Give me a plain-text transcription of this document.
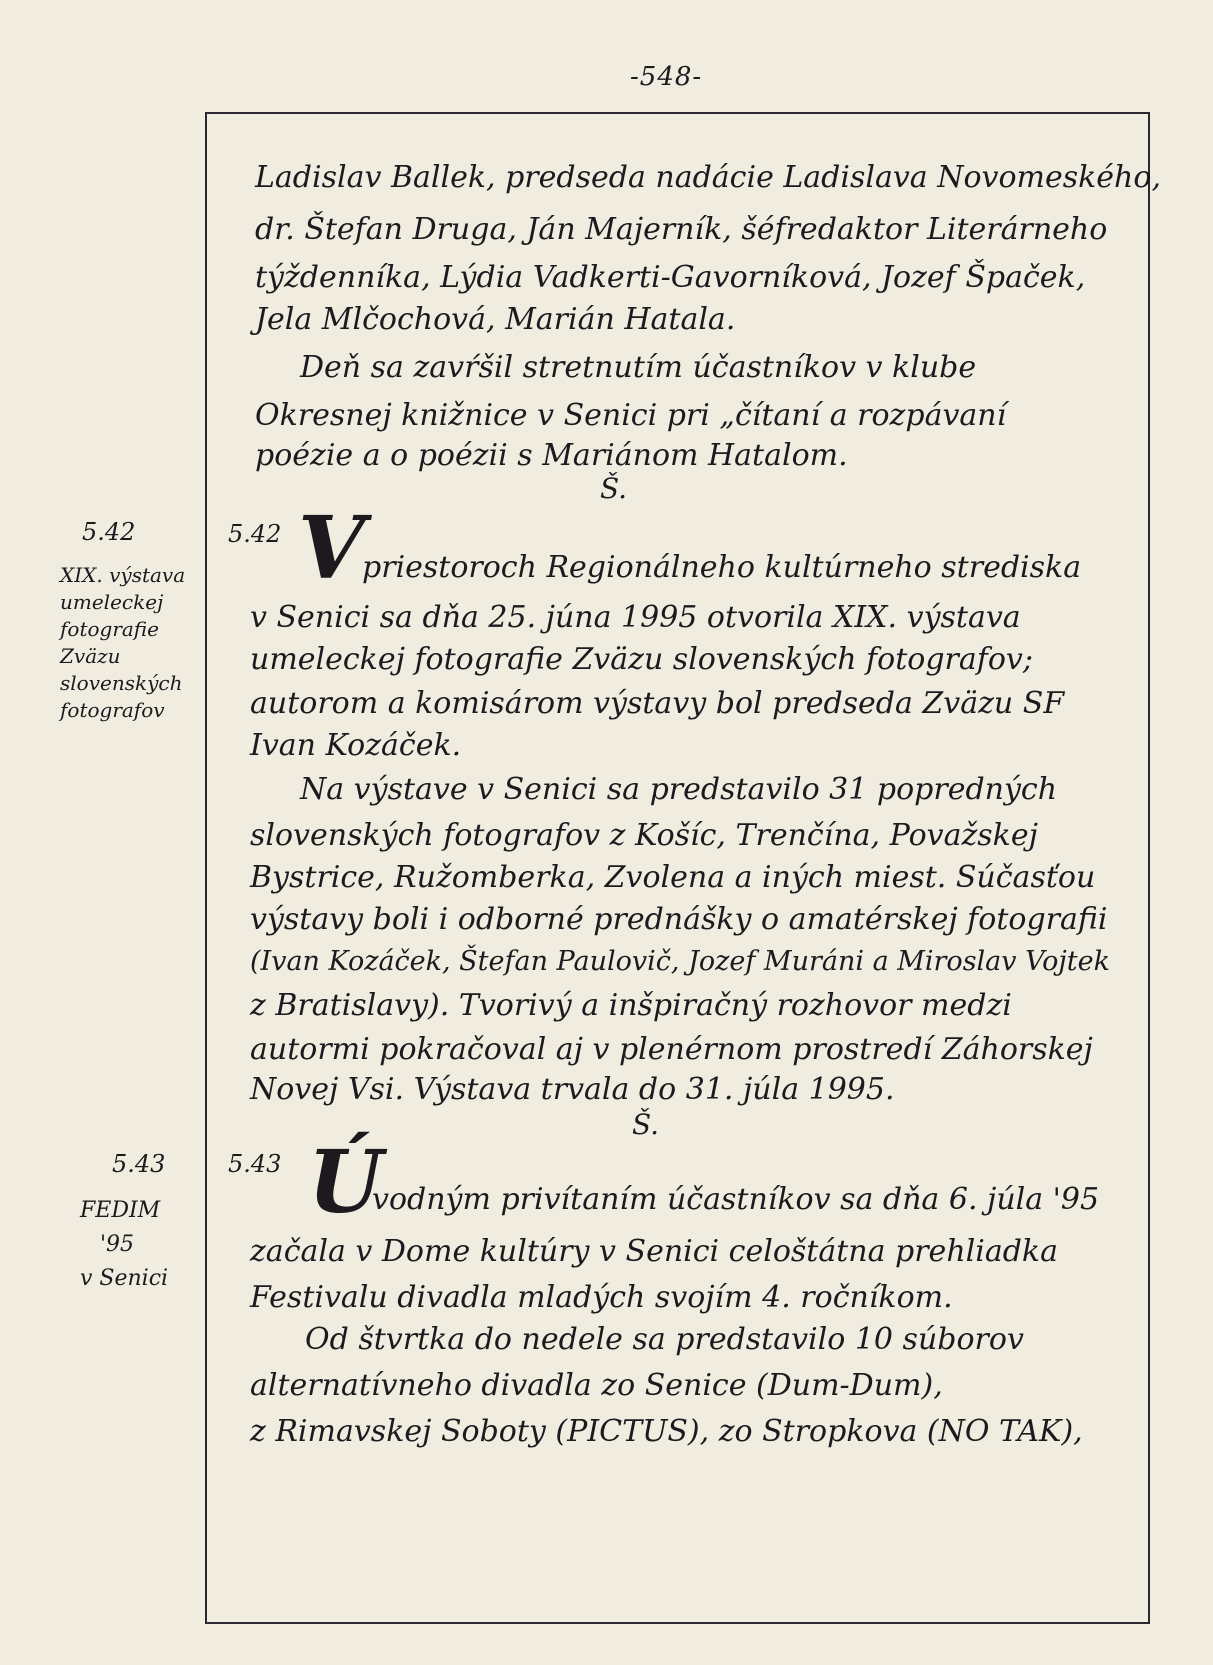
-548-
Ladislav Ballek, predseda nadácie Ladislava Novomeského,
dr. Štefan Druga, Ján Majerník, šéfredaktor Literárneho
týždenníka, Lýdia Vadkerti-Gavorníková, Jozef Špaček,
Jela Mlčochová, Marián Hatala.
Deň sa zavŕšil stretnutím účastníkov v klube
Okresnej knižnice v Senici pri „čítaní a rozpávaní
poézie a o poézii s Mariánom Hatalom.
Š.
5.42
XIX. výstava
umeleckej
fotografie
Zväzu
slovenských
fotografov
5.42 V
priestoroch Regionálneho kultúrneho strediska
v Senici sa dňa 25. júna 1995 otvorila XIX. výstava
umeleckej fotografie Zväzu slovenských fotografov;
autorom a komisárom výstavy bol predseda Zväzu SF
Ivan Kozáček.
Na výstave v Senici sa predstavilo 31 popredných
slovenských fotografov z Košíc, Trenčína, Považskej
Bystrice, Ružomberka, Zvolena a iných miest. Súčasťou
výstavy boli i odborné prednášky o amatérskej fotografii
(Ivan Kozáček, Štefan Paulovič, Jozef Muráni a Miroslav Vojtek
z Bratislavy). Tvorivý a inšpiračný rozhovor medzi
autormi pokračoval aj v plenérnom prostredí Záhorskej
Novej Vsi. Výstava trvala do 31. júla 1995.
Š.
5.43
FEDIM
'95
v Senici
5.43 Ú
vodným privítaním účastníkov sa dňa 6. júla '95
začala v Dome kultúry v Senici celoštátna prehliadka
Festivalu divadla mladých svojím 4. ročníkom.
Od štvrtka do nedele sa predstavilo 10 súborov
alternatívneho divadla zo Senice (Dum-Dum),
z Rimavskej Soboty (PICTUS), zo Stropkova (NO TAK),
